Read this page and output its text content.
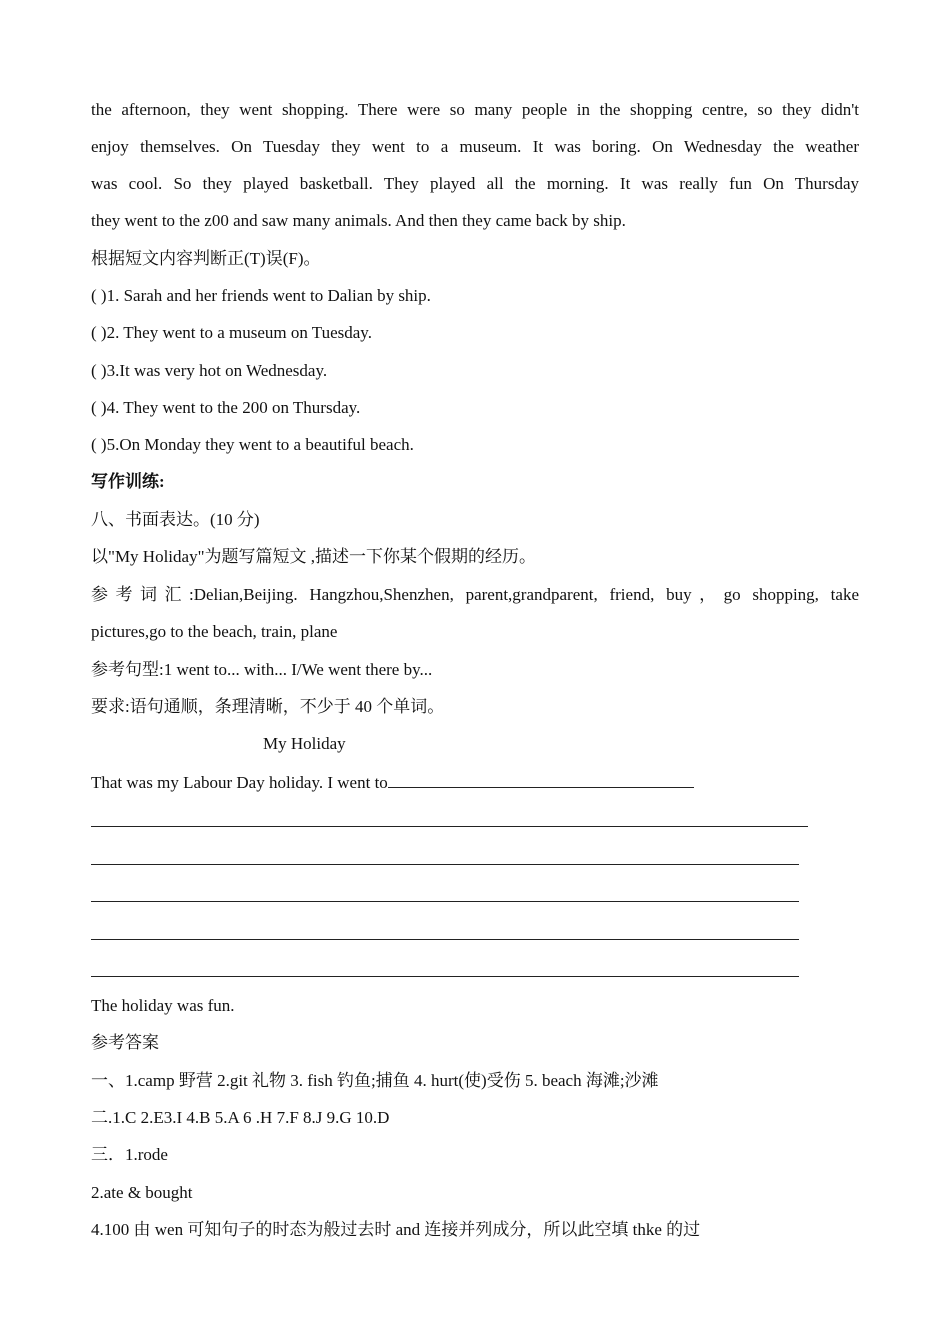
the afternoon, they went shopping. There were so many people in the shopping centre, so they didn't
enjoy themselves. On Tuesday they went to a museum. It was boring. On Wednesday the weather
was cool. So they played basketball. They played all the morning. It was really fun On Thursday
they went to the z00 and saw many animals. And then they came back by ship.
根据短文内容判断正(T)误(F)。
( )1. Sarah and her friends went to Dalian by ship.
( )2. They went to a museum on Tuesday.
( )3.It was very hot on Wednesday.
( )4. They went to the 200 on Thursday.
( )5.On Monday they went to a beautiful beach.
写作训练:
八、书面表达。(10 分)
以"My Holiday"为题写篇短文 ,描述一下你某个假期的经历。
参考词汇:Delian,Beijing. Hangzhou,Shenzhen, parent,grandparent, friend, buy，go shopping, take
pictures,go to the beach, train, plane
参考句型:1 went to... with... I/We went there by...
要求:语句通顺，条理清晰，不少于 40 个单词。
My Holiday
That was my Labour Day holiday. I went to
The holiday was fun.
参考答案
一、1.camp 野营 2.git 礼物 3. fish 钓鱼;捕鱼 4. hurt(使)受伤 5. beach 海滩;沙滩
二.1.C 2.E3.I 4.B 5.A 6 .H 7.F 8.J 9.G 10.D
三．1.rode
2.ate & bought
4.100 由 wen 可知句子的时态为般过去时 and 连接并列成分，所以此空填 thke 的过
